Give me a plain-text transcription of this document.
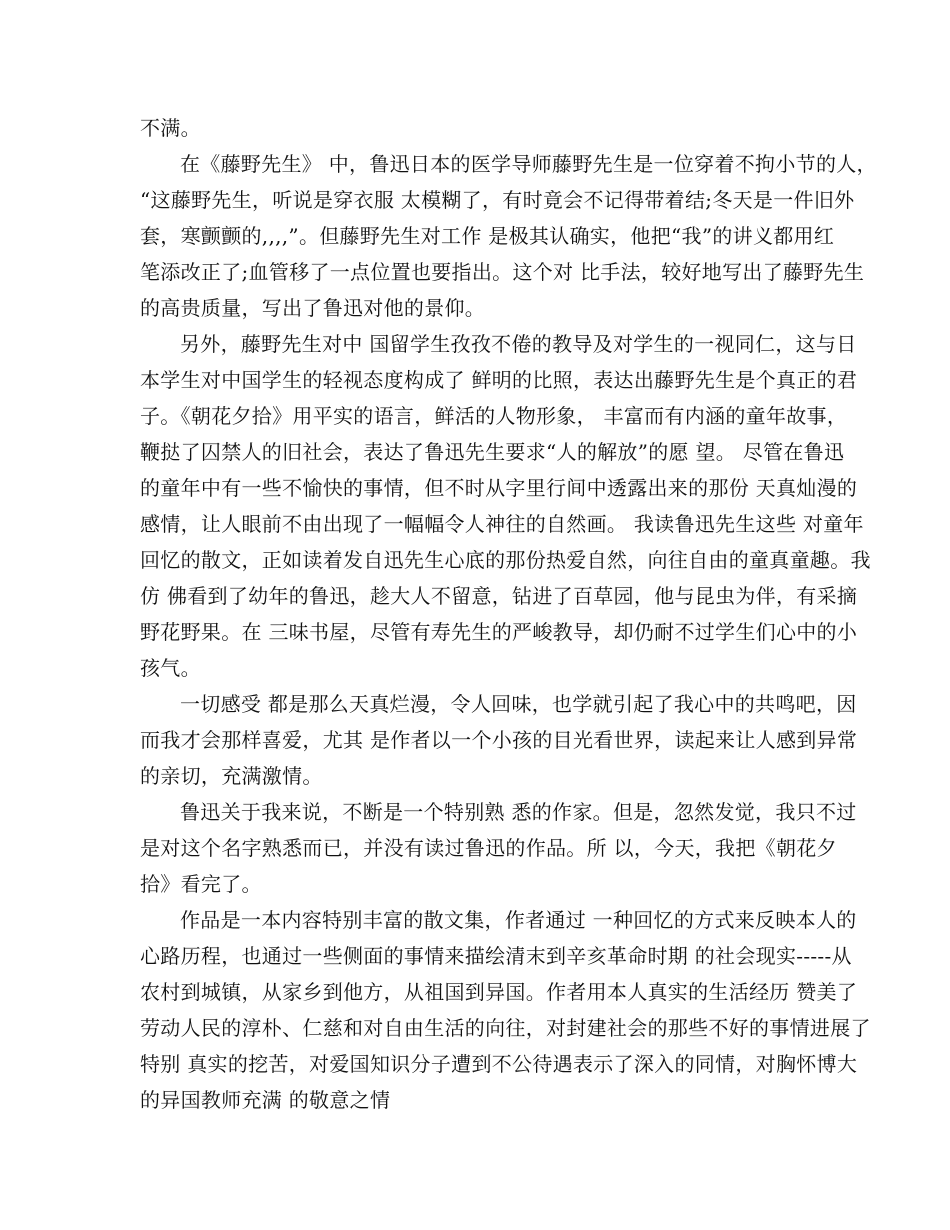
不满。

在《藤野先生》 中，鲁迅日本的医学导师藤野先生是一位穿着不拘小节的人，

“这藤野先生，听说是穿衣服 太模糊了，有时竟会不记得带着结;冬天是一件旧外

套，寒颤颤的,,,,”。但藤野先生对工作 是极其认确实，他把“我”的讲义都用红

笔添改正了;血管移了一点位置也要指出。这个对 比手法，较好地写出了藤野先生

的高贵质量，写出了鲁迅对他的景仰。

另外，藤野先生对中 国留学生孜孜不倦的教导及对学生的一视同仁，这与日

本学生对中国学生的轻视态度构成了 鲜明的比照，表达出藤野先生是个真正的君

子。《朝花夕拾》用平实的语言，鲜活的人物形象， 丰富而有内涵的童年故事，

鞭挞了囚禁人的旧社会，表达了鲁迅先生要求“人的解放”的愿 望。 尽管在鲁迅

的童年中有一些不愉快的事情，但不时从字里行间中透露出来的那份 天真灿漫的

感情，让人眼前不由出现了一幅幅令人神往的自然画。 我读鲁迅先生这些 对童年

回忆的散文，正如读着发自迅先生心底的那份热爱自然，向往自由的童真童趣。我

仿 佛看到了幼年的鲁迅，趁大人不留意，钻进了百草园，他与昆虫为伴，有采摘

野花野果。在 三味书屋，尽管有寿先生的严峻教导，却仍耐不过学生们心中的小

孩气。

一切感受 都是那么天真烂漫，令人回味，也学就引起了我心中的共鸣吧，因

而我才会那样喜爱，尤其 是作者以一个小孩的目光看世界，读起来让人感到异常

的亲切，充满激情。

鲁迅关于我来说，不断是一个特别熟 悉的作家。但是，忽然发觉，我只不过

是对这个名字熟悉而已，并没有读过鲁迅的作品。所 以，今天，我把《朝花夕

拾》看完了。

作品是一本内容特别丰富的散文集，作者通过 一种回忆的方式来反映本人的

心路历程，也通过一些侧面的事情来描绘清末到辛亥革命时期 的社会现实-----从

农村到城镇，从家乡到他方，从祖国到异国。作者用本人真实的生活经历 赞美了

劳动人民的淳朴、仁慈和对自由生活的向往，对封建社会的那些不好的事情进展了

特别 真实的挖苦，对爱国知识分子遭到不公待遇表示了深入的同情，对胸怀博大

的异国教师充满 的敬意之情
